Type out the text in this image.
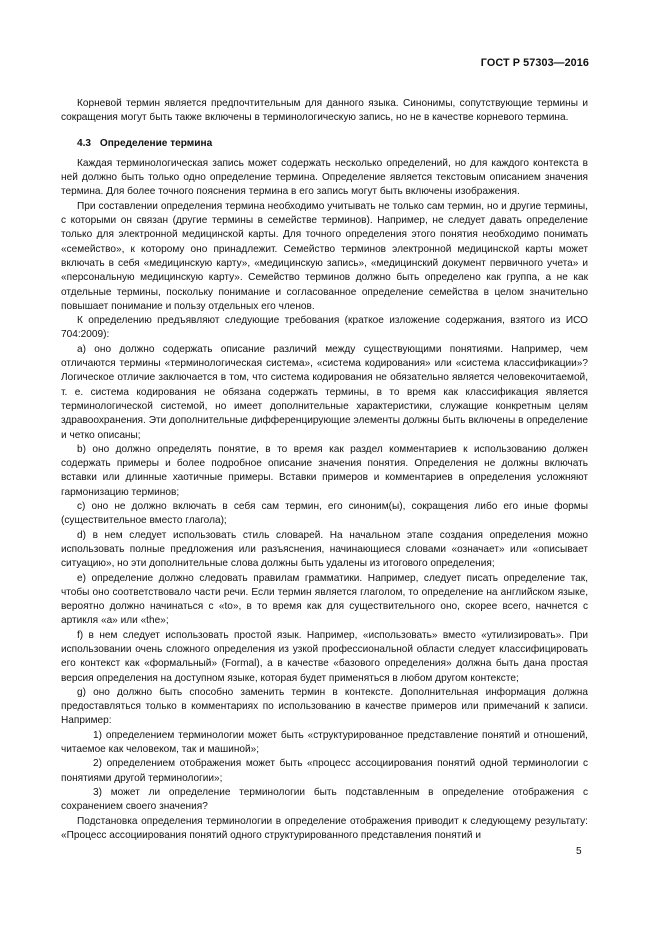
ГОСТ Р 57303—2016

Корневой термин является предпочтительным для данного языка. Синонимы, сопутствующие термины и сокращения могут быть также включены в терминологическую запись, но не в качестве корневого термина.

4.3 Определение термина

Каждая терминологическая запись может содержать несколько определений, но для каждого контекста в ней должно быть только одно определение термина. Определение является текстовым описанием значения термина. Для более точного пояснения термина в его запись могут быть включены изображения.

При составлении определения термина необходимо учитывать не только сам термин, но и другие термины, с которыми он связан (другие термины в семействе терминов). Например, не следует давать определение только для электронной медицинской карты. Для точного определения этого понятия необходимо понимать «семейство», к которому оно принадлежит. Семейство терминов электронной медицинской карты может включать в себя «медицинскую карту», «медицинскую запись», «медицинский документ первичного учета» и «персональную медицинскую карту». Семейство терминов должно быть определено как группа, а не как отдельные термины, поскольку понимание и согласованное определение семейства в целом значительно повышает понимание и пользу отдельных его членов.

К определению предъявляют следующие требования (краткое изложение содержания, взятого из ИСО 704:2009):

a) оно должно содержать описание различий между существующими понятиями. Например, чем отличаются термины «терминологическая система», «система кодирования» или «система классификации»? Логическое отличие заключается в том, что система кодирования не обязательно является человекочитаемой, т. е. система кодирования не обязана содержать термины, в то время как классификация является терминологической системой, но имеет дополнительные характеристики, служащие конкретным целям здравоохранения. Эти дополнительные дифференцирующие элементы должны быть включены в определение и четко описаны;

b) оно должно определять понятие, в то время как раздел комментариев к использованию должен содержать примеры и более подробное описание значения понятия. Определения не должны включать вставки или длинные хаотичные примеры. Вставки примеров и комментариев в определения усложняют гармонизацию терминов;

c) оно не должно включать в себя сам термин, его синоним(ы), сокращения либо его иные формы (существительное вместо глагола);

d) в нем следует использовать стиль словарей. На начальном этапе создания определения можно использовать полные предложения или разъяснения, начинающиеся словами «означает» или «описывает ситуацию», но эти дополнительные слова должны быть удалены из итогового определения;

e) определение должно следовать правилам грамматики. Например, следует писать определение так, чтобы оно соответствовало части речи. Если термин является глаголом, то определение на английском языке, вероятно должно начинаться с «to», в то время как для существительного оно, скорее всего, начнется с артикля «a» или «the»;

f) в нем следует использовать простой язык. Например, «использовать» вместо «утилизировать». При использовании очень сложного определения из узкой профессиональной области следует классифицировать его контекст как «формальный» (Formal), а в качестве «базового определения» должна быть дана простая версия определения на доступном языке, которая будет применяться в любом другом контексте;

g) оно должно быть способно заменить термин в контексте. Дополнительная информация должна предоставляться только в комментариях по использованию в качестве примеров или примечаний к записи. Например:

1) определением терминологии может быть «структурированное представление понятий и отношений, читаемое как человеком, так и машиной»;

2) определением отображения может быть «процесс ассоциирования понятий одной терминологии с понятиями другой терминологии»;

3) может ли определение терминологии быть подставленным в определение отображения с сохранением своего значения?

Подстановка определения терминологии в определение отображения приводит к следующему результату: «Процесс ассоциирования понятий одного структурированного представления понятий и

5
